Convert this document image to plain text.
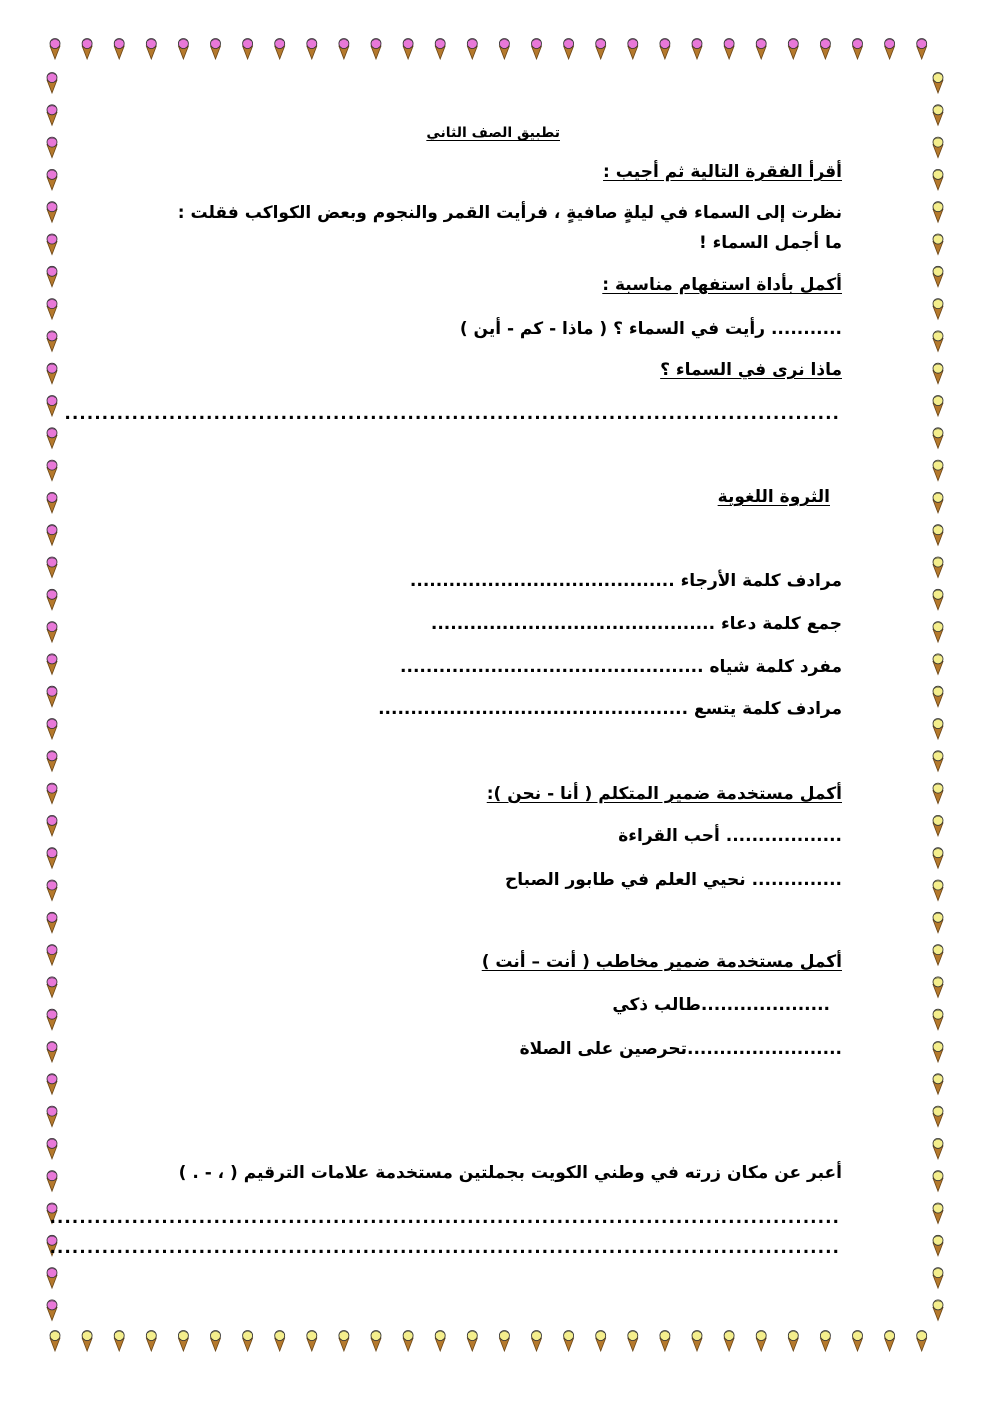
تطبيق الصف الثاني
أقرأ الفقرة التالية ثم أجيب :
نظرت إلى السماء في ليلةٍ صافيةٍ ، فرأيت القمر والنجوم وبعض الكواكب فقلت : ما أجمل السماء !
أكمل بأداة استفهام مناسبة :
........... رأيت في السماء ؟ ( ماذا - كم - أين )
ماذا نرى في السماء ؟
........................................................................................................
الثروة اللغوية
مرادف كلمة الأرجاء .........................................
جمع كلمة دعاء ............................................
مفرد كلمة شياه ...............................................
مرادف كلمة يتسع ................................................
أكمل مستخدمة ضمير المتكلم ( أنا - نحن ):
.................. أحب القراءة
.............. نحيي العلم في طابور الصباح
أكمل مستخدمة ضمير مخاطب ( أنت – أنت )
....................طالب ذكي
........................تحرصين على الصلاة
أعبر عن مكان زرته في وطني الكويت بجملتين مستخدمة علامات الترقيم ( ، - . )
..........................................................................................................
..........................................................................................................
